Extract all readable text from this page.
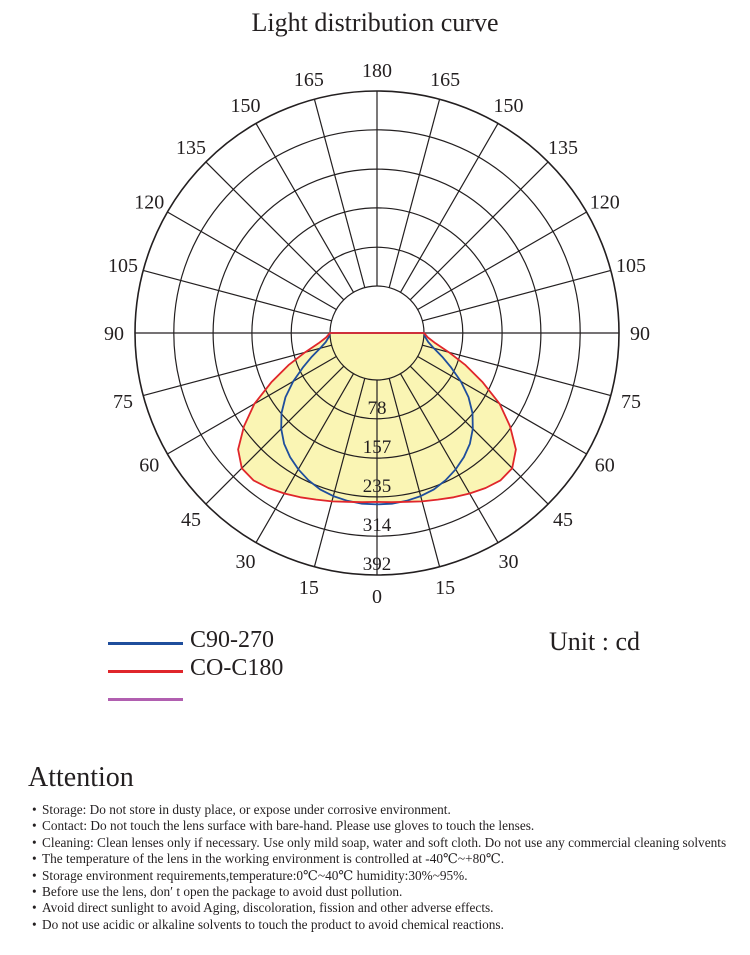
Light distribution curve
180
165
150
135
120
105
90
75
60
45
30
15	0
165
150
135
120
105
90
75
60
45
30
15
78
157
235
314
392
C90-270
CO-C180
Unit : cd
Attention
• Storage: Do not store in dusty place, or expose under corrosive environment.
• Contact: Do not touch the lens surface with bare-hand. Please use gloves to touch the lenses.
• Cleaning: Clean lenses only if necessary. Use only mild soap, water and soft cloth. Do not use any commercial cleaning solvents
• The temperature of the lens in the working environment is controlled at -40℃~+80℃.
• Storage environment requirements,temperature:0℃~40℃ humidity:30%~95%.
• Before use the lens, don′ t open the package to avoid dust pollution.
• Avoid direct sunlight to avoid Aging, discoloration, fission and other adverse effects.
• Do not use acidic or alkaline solvents to touch the product to avoid chemical reactions.
